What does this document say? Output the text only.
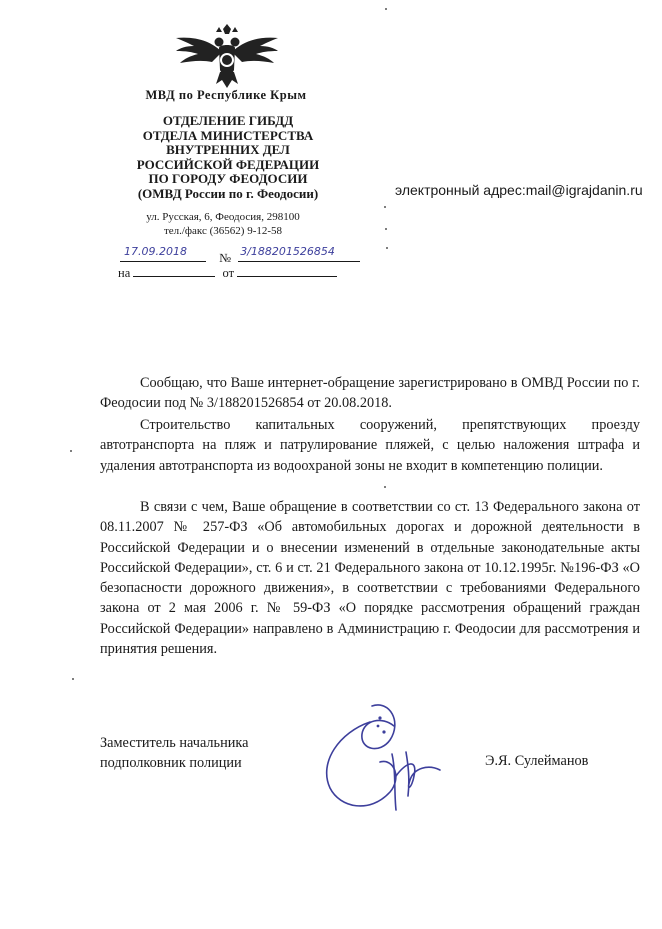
МВД по Республике Крым
ОТДЕЛЕНИЕ ГИБДД
ОТДЕЛА МИНИСТЕРСТВА
ВНУТРЕННИХ ДЕЛ
РОССИЙСКОЙ ФЕДЕРАЦИИ
ПО ГОРОДУ ФЕОДОСИИ
(ОМВД России по г. Феодосии)
ул. Русская, 6, Феодосия, 298100
тел./факс (36562) 9-12-58
17.09.2018	№ 3/188201526854
на	от
электронный адрес:mail@igrajdanin.ru
Сообщаю, что Ваше интернет-обращение зарегистрировано в ОМВД России по г. Феодосии под № 3/188201526854 от 20.08.2018.
Строительство капитальных сооружений, препятствующих проезду автотранспорта на пляж и патрулирование пляжей, с целью наложения штрафа и удаления автотранспорта из водоохраной зоны не входит в компетенцию полиции.
В связи с чем, Ваше обращение в соответствии со ст. 13 Федерального закона от 08.11.2007 № 257-ФЗ «Об автомобильных дорогах и дорожной деятельности в Российской Федерации и о внесении изменений в отдельные законодательные акты Российской Федерации», ст. 6 и ст. 21 Федерального закона от 10.12.1995г. №196-ФЗ «О безопасности дорожного движения», в соответствии с требованиями Федерального закона от 2 мая 2006 г. № 59-ФЗ «О порядке рассмотрения обращений граждан Российской Федерации» направлено в Администрацию г. Феодосии для рассмотрения и принятия решения.
Заместитель начальника
подполковник полиции	Э.Я. Сулейманов
